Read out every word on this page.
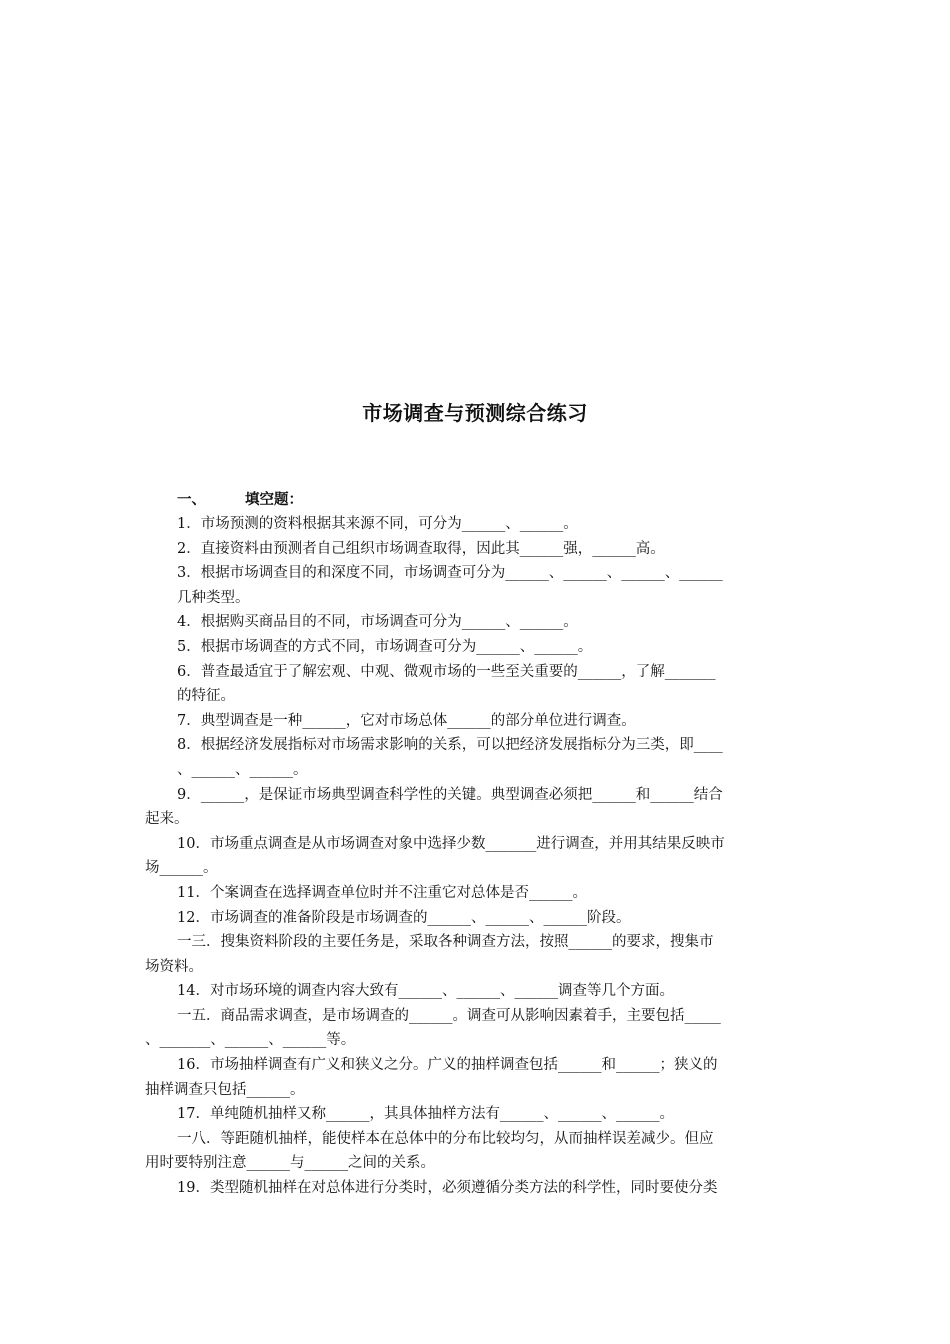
市场调查与预测综合练习
一、	填空题：
1．市场预测的资料根据其来源不同，可分为______、______。
2．直接资料由预测者自己组织市场调查取得，因此其______强，______高。
3．根据市场调查目的和深度不同，市场调查可分为______、______、______、______
几种类型。
4．根据购买商品目的不同，市场调查可分为______、______。
5．根据市场调查的方式不同，市场调查可分为______、______。
6．普查最适宜于了解宏观、中观、微观市场的一些至关重要的______，了解_______
的特征。
7．典型调查是一种______，它对市场总体______的部分单位进行调查。
8．根据经济发展指标对市场需求影响的关系，可以把经济发展指标分为三类，即____
、______、______。
9．______，是保证市场典型调查科学性的关键。典型调查必须把______和______结合
起来。
10．市场重点调查是从市场调查对象中选择少数_______进行调查，并用其结果反映市
场______。
11．个案调查在选择调查单位时并不注重它对总体是否______。
12．市场调查的准备阶段是市场调查的______、______、______阶段。
一三．搜集资料阶段的主要任务是，采取各种调查方法，按照______的要求，搜集市
场资料。
14．对市场环境的调查内容大致有______、______、______调查等几个方面。
一五．商品需求调查，是市场调查的______。调查可从影响因素着手，主要包括_____
、_______、______、______等。
16．市场抽样调查有广义和狭义之分。广义的抽样调查包括______和______；狭义的
抽样调查只包括______。
17．单纯随机抽样又称______，其具体抽样方法有______、______、______。
一八．等距随机抽样，能使样本在总体中的分布比较均匀，从而抽样误差减少。但应
用时要特别注意______与______之间的关系。
19．类型随机抽样在对总体进行分类时，必须遵循分类方法的科学性，同时要使分类
